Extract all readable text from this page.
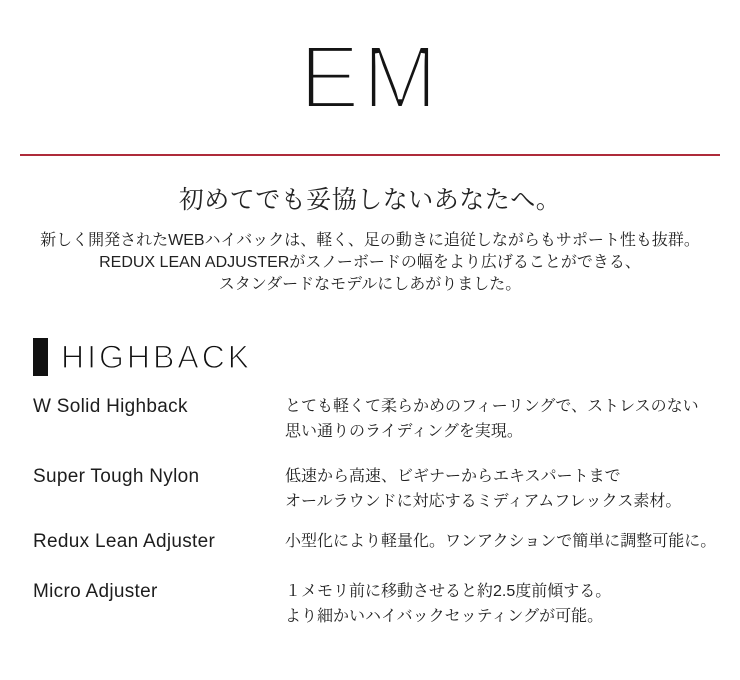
EM
初めてでも妥協しないあなたへ。
新しく開発されたWEBハイバックは、軽く、足の動きに追従しながらもサポート性も抜群。
REDUX LEAN ADJUSTERがスノーボードの幅をより広げることができる、
スタンダードなモデルにしあがりました。
HIGHBACK
W Solid Highback	とても軽くて柔らかめのフィーリングで、ストレスのない
思い通りのライディングを実現。
Super Tough Nylon	低速から高速、ビギナーからエキスパートまで
オールラウンドに対応するミディアムフレックス素材。
Redux Lean Adjuster	小型化により軽量化。ワンアクションで簡単に調整可能に。
Micro Adjuster	１メモリ前に移動させると約2.5度前傾する。
より細かいハイバックセッティングが可能。
